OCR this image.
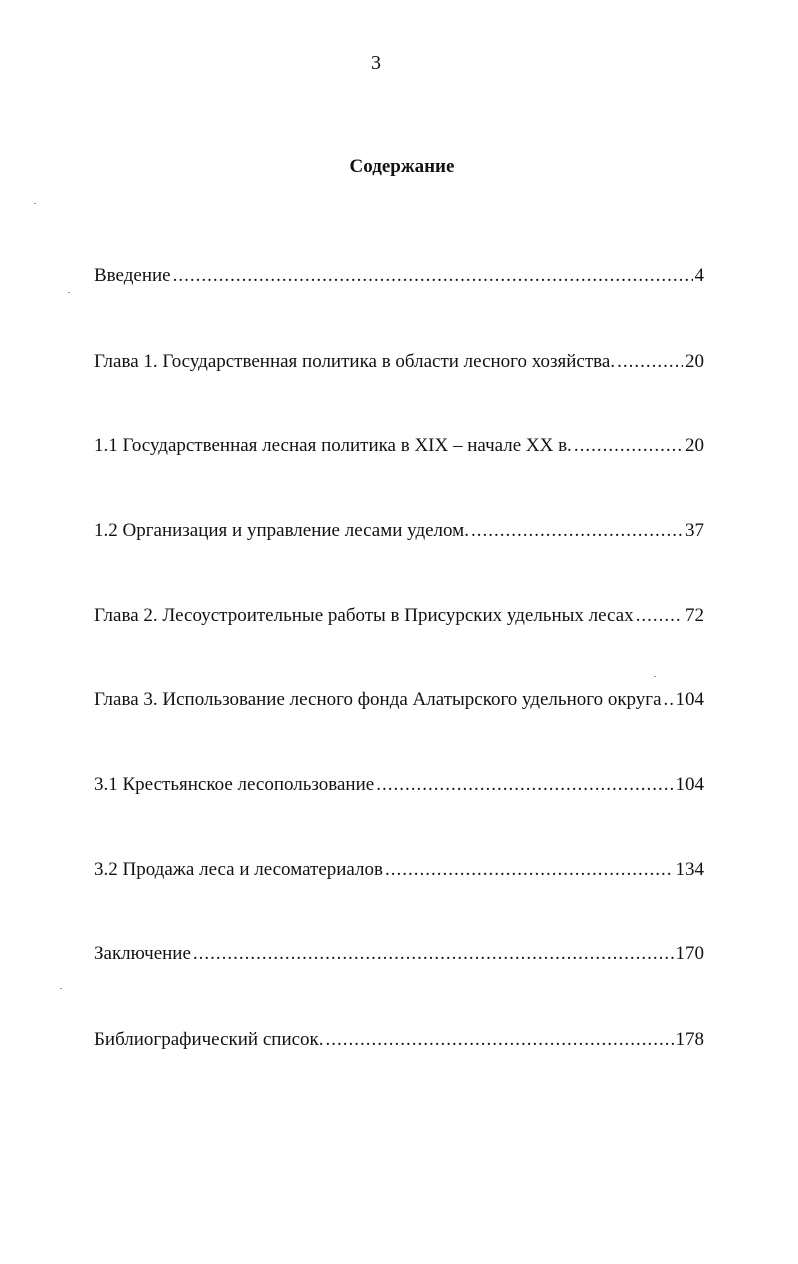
3
Содержание
Введение .....	4
Глава 1. Государственная политика в области лесного хозяйства. .....	20
1.1 Государственная лесная политика в XIX – начале XX в. .....	20
1.2 Организация и управление лесами уделом. .....	37
Глава 2. Лесоустроительные работы в Присурских удельных лесах .....	72
Глава 3. Использование лесного фонда Алатырского удельного округа ..... 104
3.1 Крестьянское лесопользование .....	104
3.2 Продажа леса и лесоматериалов .....	134
Заключение .....	170
Библиографический список. .....	178
